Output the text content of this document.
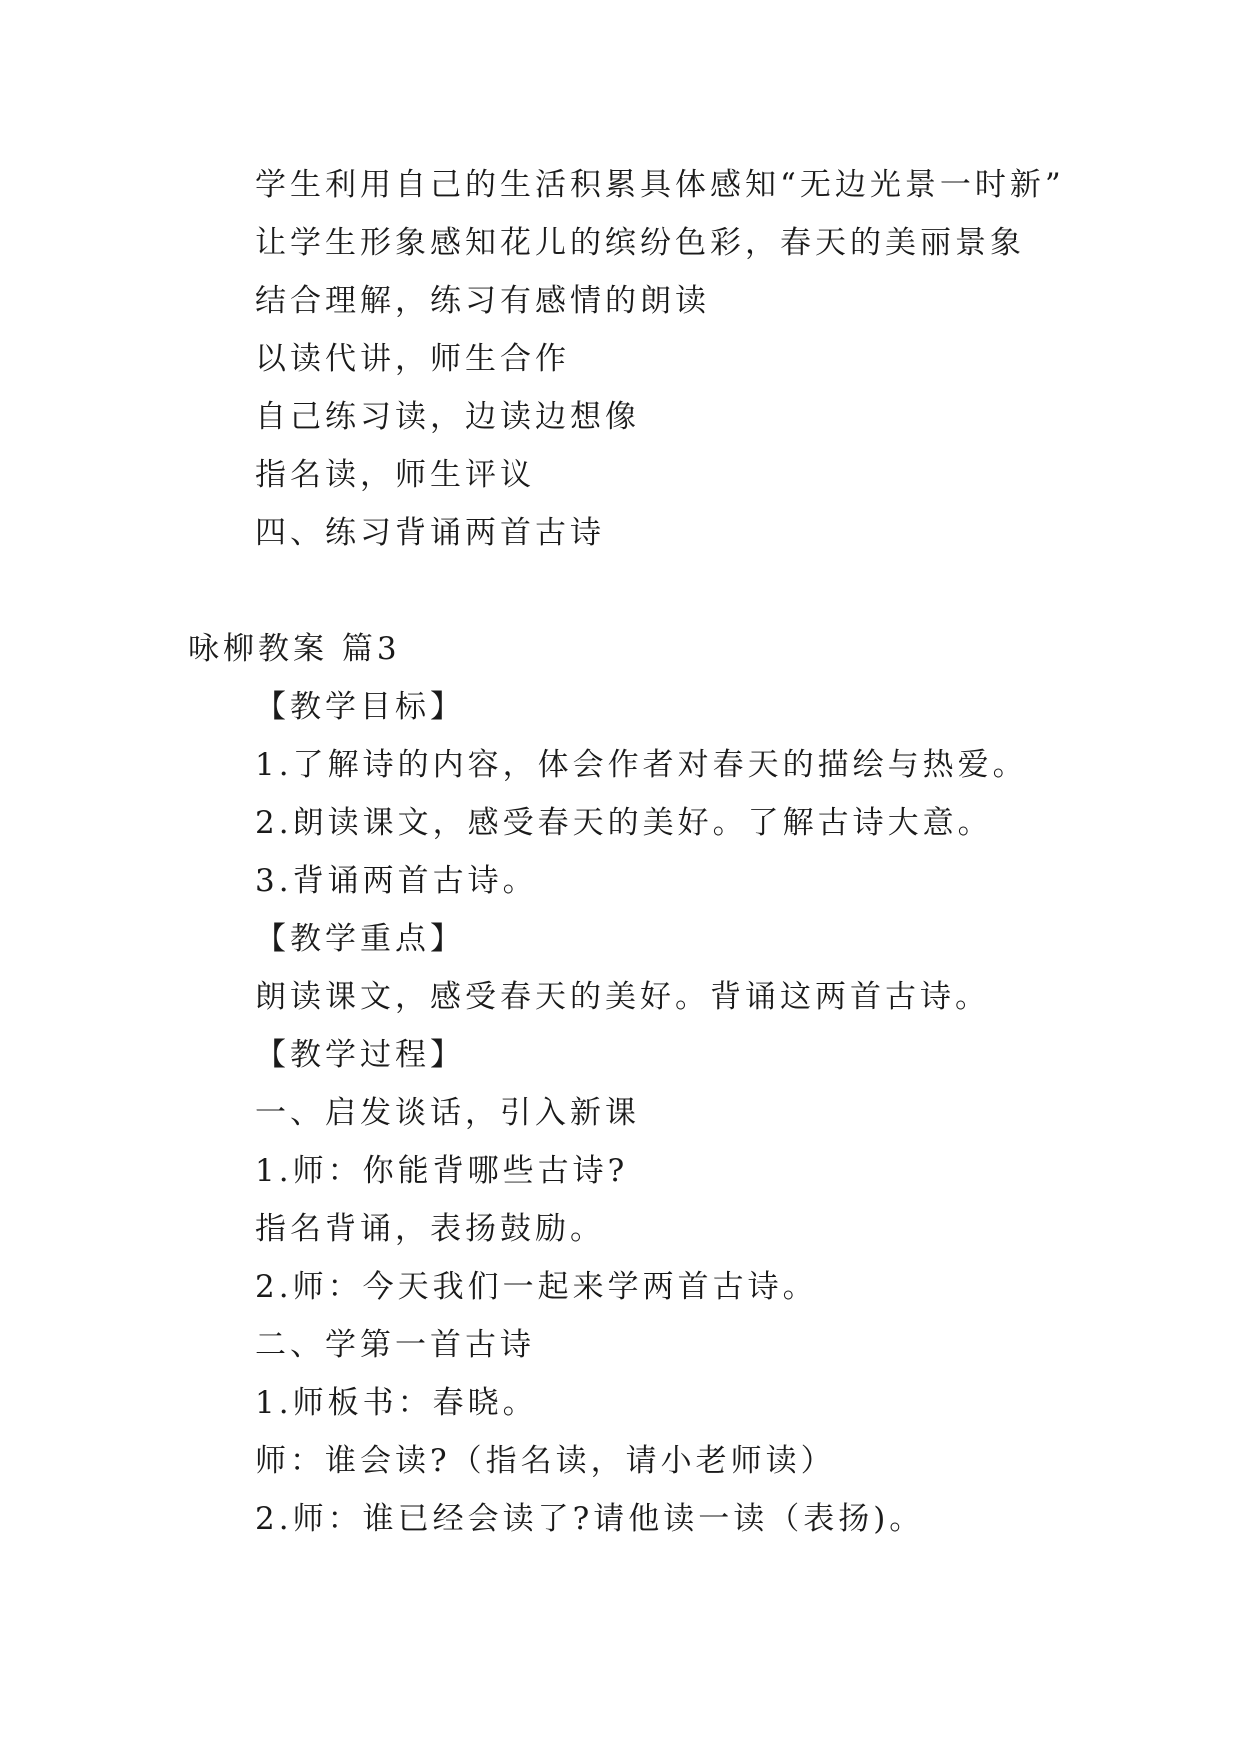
学生利用自己的生活积累具体感知“无边光景一时新”
让学生形象感知花儿的缤纷色彩，春天的美丽景象
结合理解，练习有感情的朗读
以读代讲，师生合作
自己练习读，边读边想像
指名读，师生评议
四、练习背诵两首古诗
咏柳教案 篇3
【教学目标】
1.了解诗的内容，体会作者对春天的描绘与热爱。
2.朗读课文，感受春天的美好。了解古诗大意。
3.背诵两首古诗。
【教学重点】
朗读课文，感受春天的美好。背诵这两首古诗。
【教学过程】
一、启发谈话，引入新课
1.师：你能背哪些古诗?
指名背诵，表扬鼓励。
2.师：今天我们一起来学两首古诗。
二、学第一首古诗
1.师板书：春晓。
师：谁会读?（指名读，请小老师读）
2.师：谁已经会读了?请他读一读（表扬)。
